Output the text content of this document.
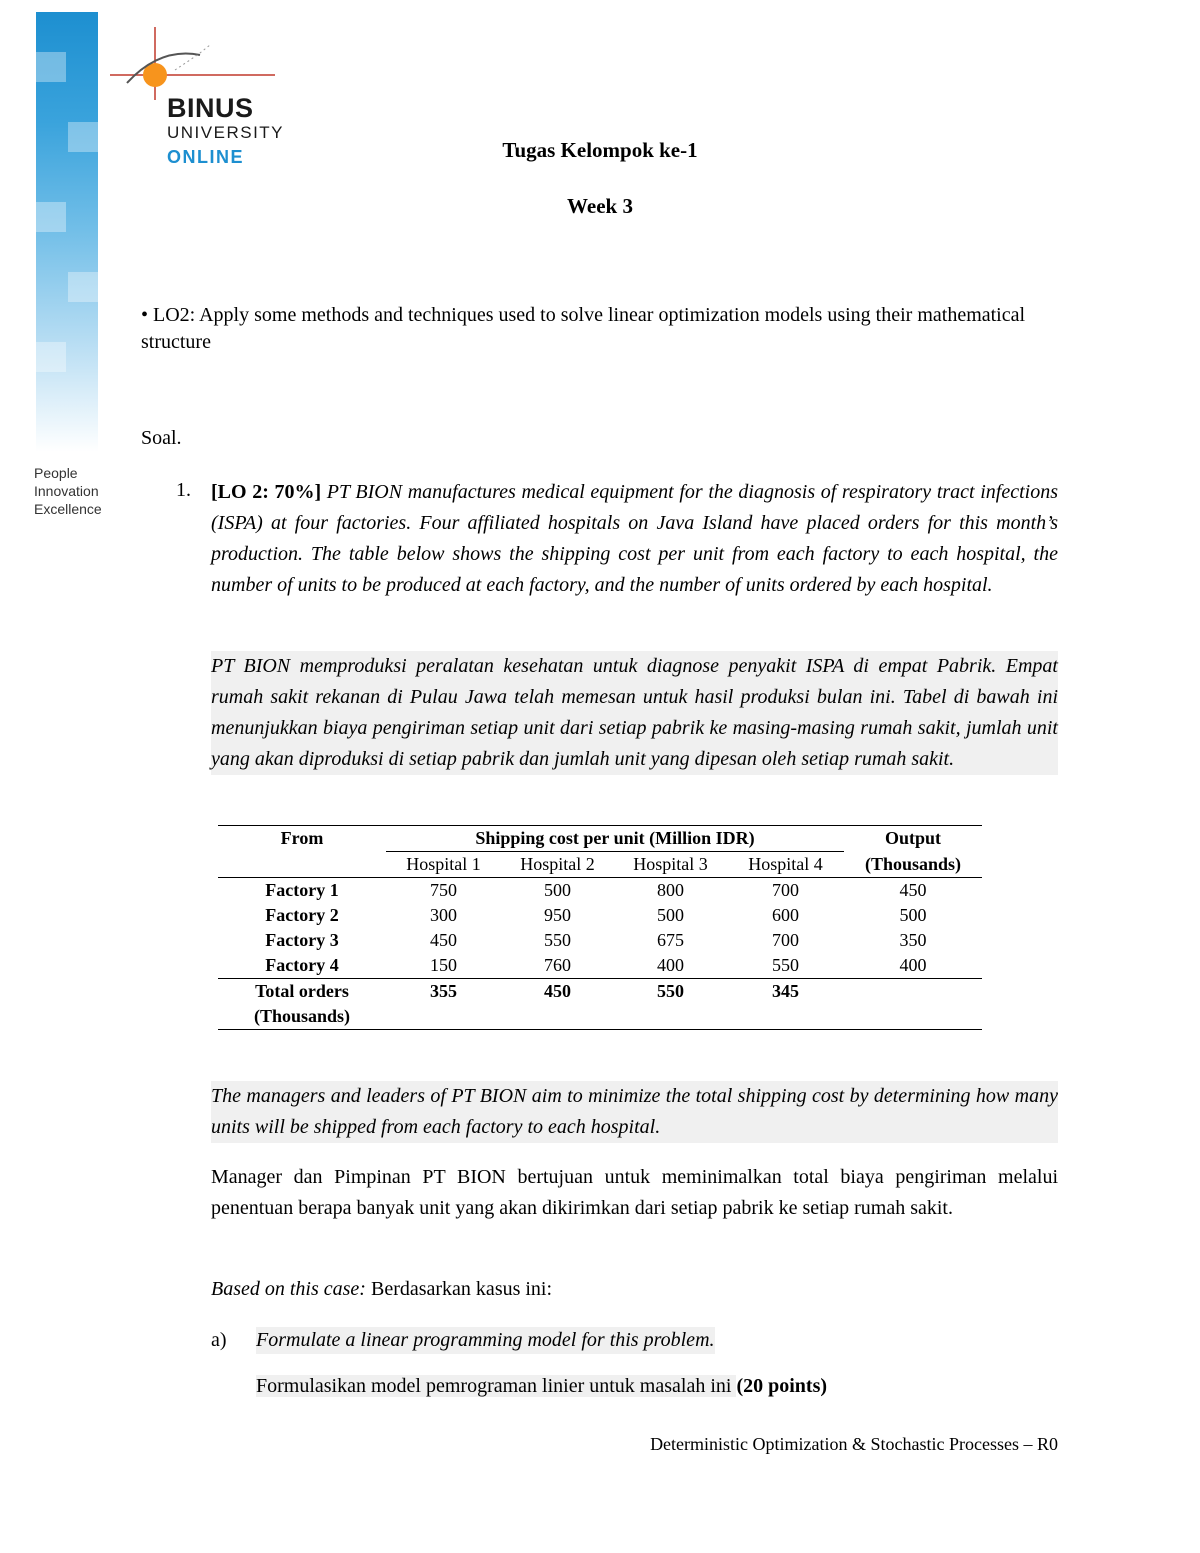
People
Innovation
Excellence
BINUS
UNIVERSITY
ONLINE	Tugas Kelompok ke-1
Week 3
• LO2: Apply some methods and techniques used to solve linear optimization models using their mathematical structure
Soal.
1. [LO 2: 70%] PT BION manufactures medical equipment for the diagnosis of respiratory tract infections (ISPA) at four factories. Four affiliated hospitals on Java Island have placed orders for this month’s production. The table below shows the shipping cost per unit from each factory to each hospital, the number of units to be produced at each factory, and the number of units ordered by each hospital.
PT BION memproduksi peralatan kesehatan untuk diagnose penyakit ISPA di empat Pabrik. Empat rumah sakit rekanan di Pulau Jawa telah memesan untuk hasil produksi bulan ini. Tabel di bawah ini menunjukkan biaya pengiriman setiap unit dari setiap pabrik ke masing-masing rumah sakit, jumlah unit yang akan diproduksi di setiap pabrik dan jumlah unit yang dipesan oleh setiap rumah sakit.
From	Shipping cost per unit (Million IDR)				Output
	Hospital 1	Hospital 2	Hospital 3	Hospital 4	(Thousands)
Factory 1	750	500	800	700	450
Factory 2	300	950	500	600	500
Factory 3	450	550	675	700	350
Factory 4	150	760	400	550	400
Total orders	355	450	550	345	
(Thousands)					
The managers and leaders of PT BION aim to minimize the total shipping cost by determining how many units will be shipped from each factory to each hospital.
Manager dan Pimpinan PT BION bertujuan untuk meminimalkan total biaya pengiriman melalui penentuan berapa banyak unit yang akan dikirimkan dari setiap pabrik ke setiap rumah sakit.
Based on this case: Berdasarkan kasus ini:
a) Formulate a linear programming model for this problem.
Formulasikan model pemrograman linier untuk masalah ini (20 points)
Deterministic Optimization & Stochastic Processes – R0
